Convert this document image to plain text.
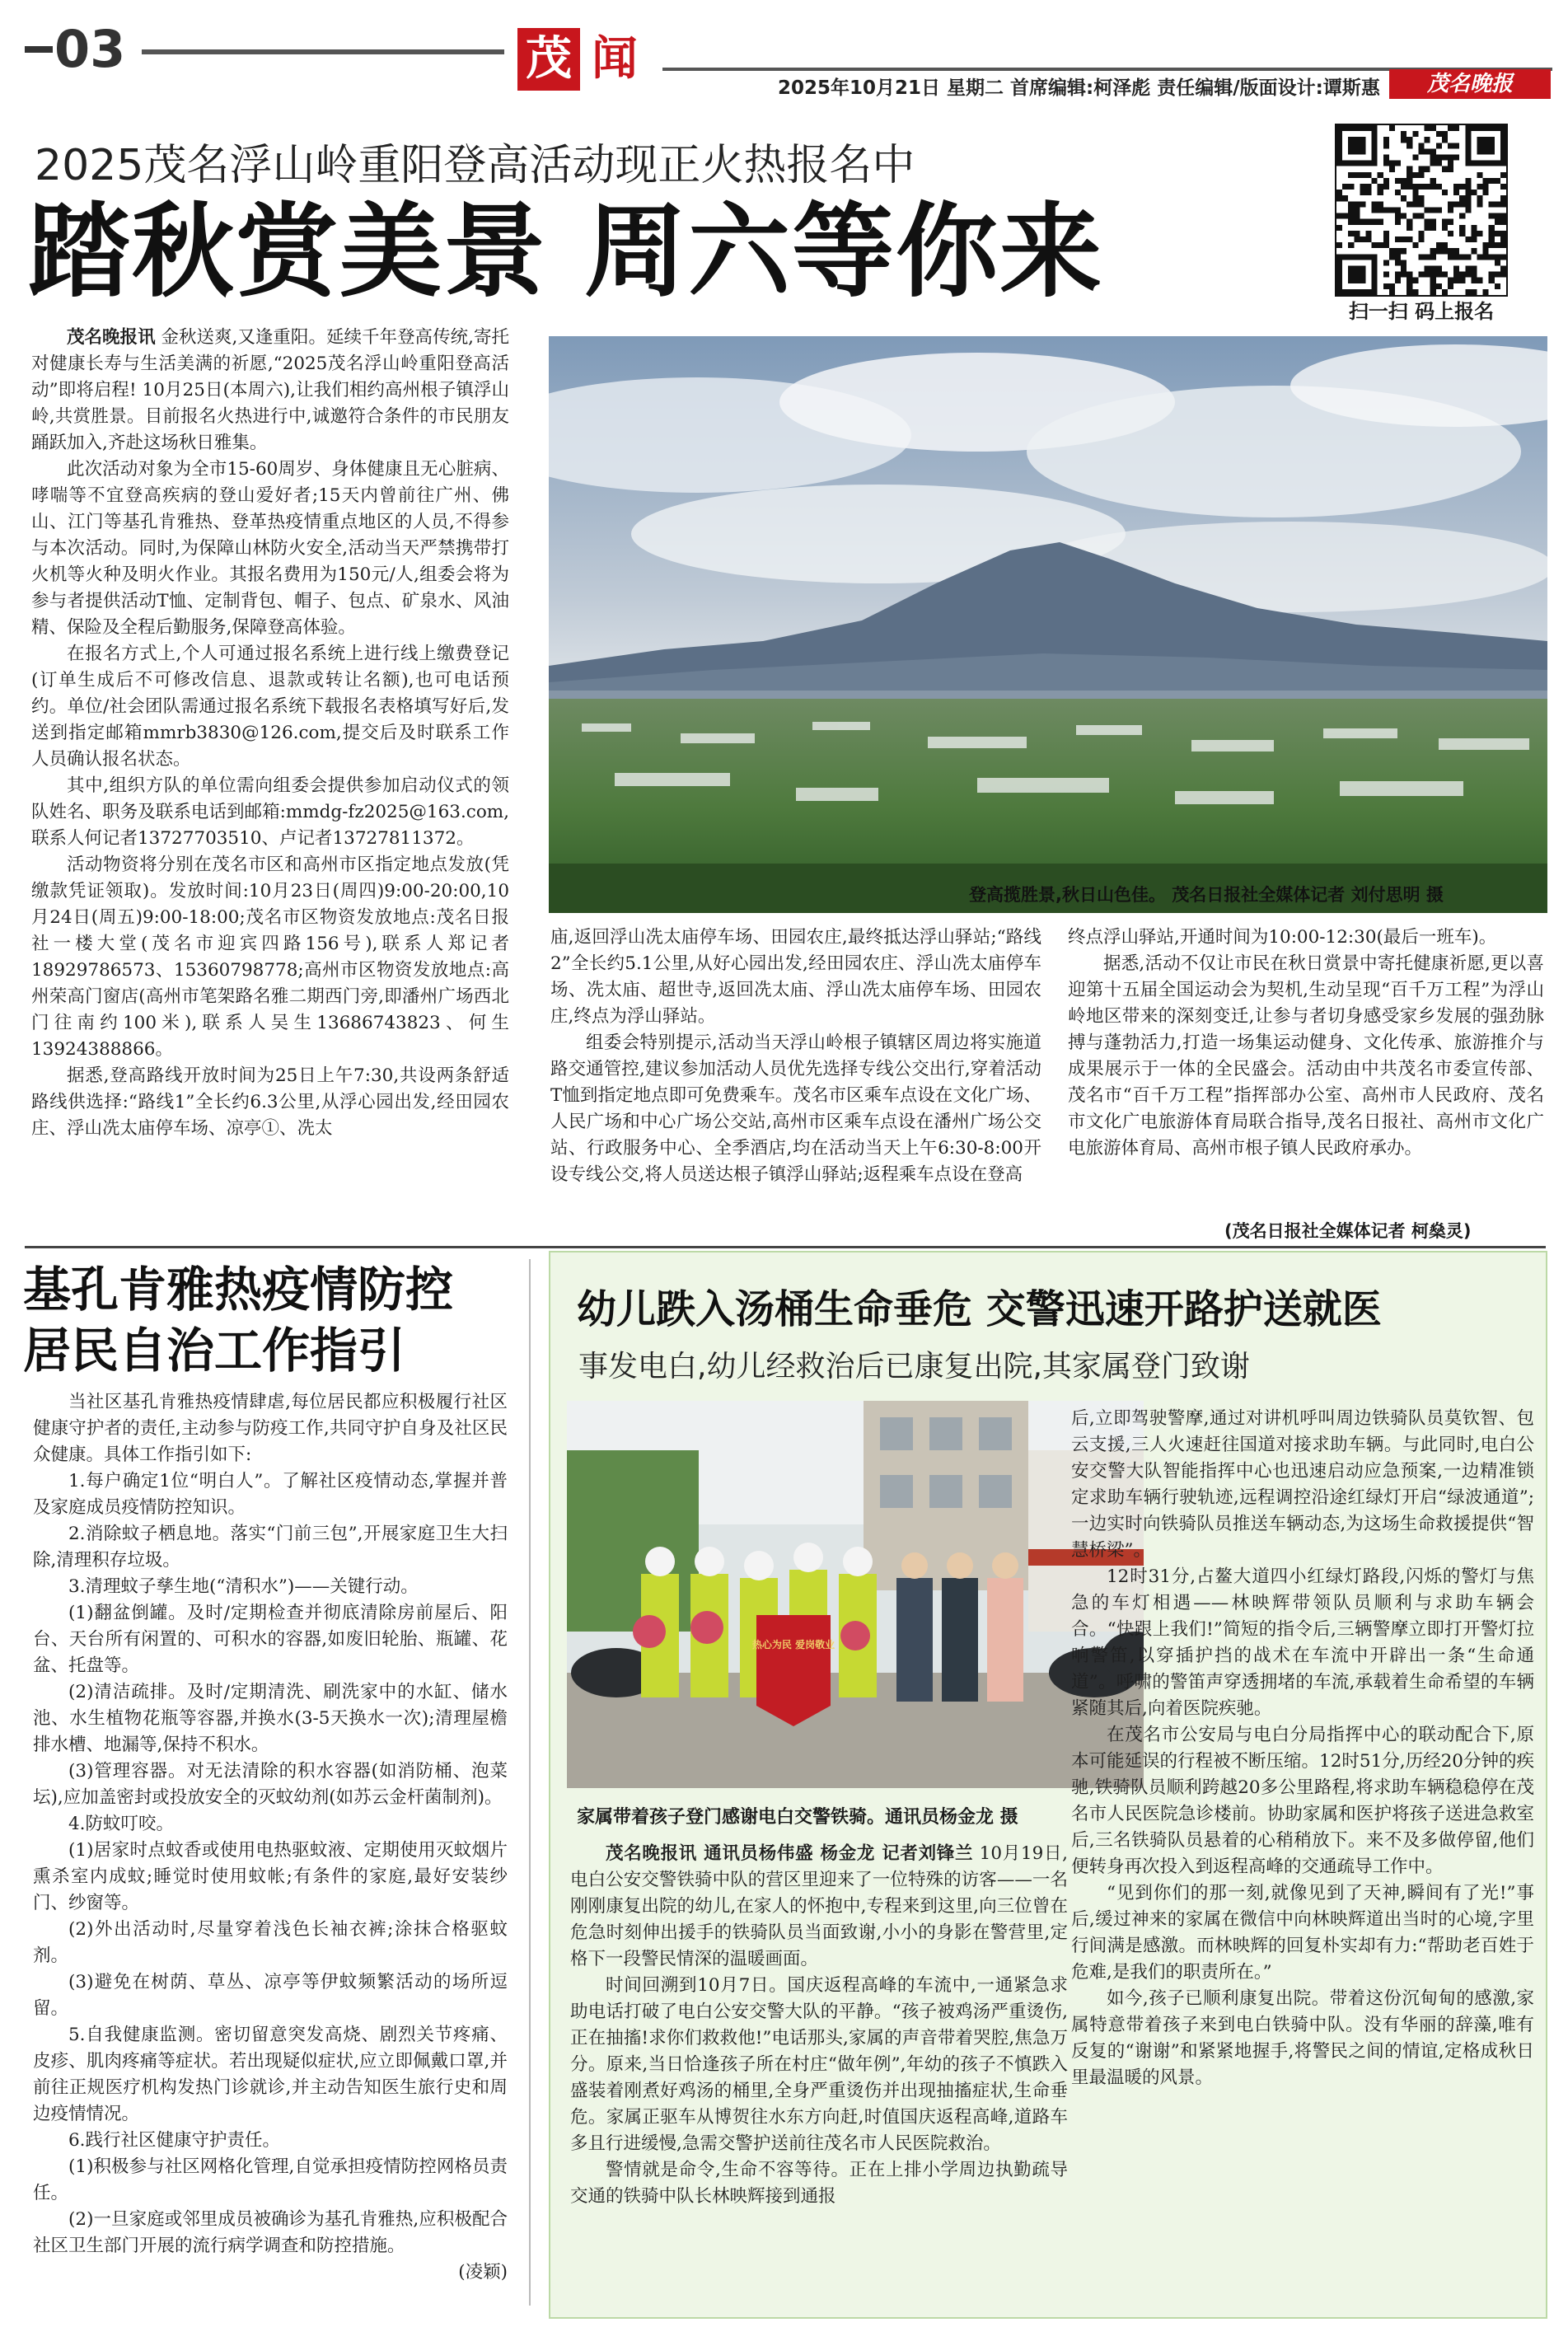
03	茂 闻
2025年10月21日 星期二 首席编辑:柯泽彪 责任编辑/版面设计:谭斯惠	茂名晚报
2025茂名浮山岭重阳登高活动现正火热报名中
踏秋赏美景 周六等你来	扫一扫 码上报名

茂名晚报讯 金秋送爽,又逢重阳。延续千年登高传统,寄托对健康长寿与生活美满的祈愿,“2025茂名浮山岭重阳登高活动”即将启程! 10月25日(本周六),让我们相约高州根子镇浮山岭,共赏胜景。目前报名火热进行中,诚邀符合条件的市民朋友踊跃加入,齐赴这场秋日雅集。

此次活动对象为全市15-60周岁、身体健康且无心脏病、哮喘等不宜登高疾病的登山爱好者;15天内曾前往广州、佛山、江门等基孔肯雅热、登革热疫情重点地区的人员,不得参与本次活动。同时,为保障山林防火安全,活动当天严禁携带打火机等火种及明火作业。其报名费用为150元/人,组委会将为参与者提供活动T恤、定制背包、帽子、包点、矿泉水、风油精、保险及全程后勤服务,保障登高体验。

在报名方式上,个人可通过报名系统上进行线上缴费登记(订单生成后不可修改信息、退款或转让名额),也可电话预约。单位/社会团队需通过报名系统下载报名表格填写好后,发送到指定邮箱mmrb3830@126.com,提交后及时联系工作人员确认报名状态。

其中,组织方队的单位需向组委会提供参加启动仪式的领队姓名、职务及联系电话到邮箱:mmdg-fz2025@163.com,联系人何记者13727703510、卢记者13727811372。

活动物资将分别在茂名市区和高州市区指定地点发放(凭缴款凭证领取)。发放时间:10月23日(周四)9:00-20:00,10月24日(周五)9:00-18:00;茂名市区物资发放地点:茂名日报社一楼大堂(茂名市迎宾四路156号),联系人郑记者18929786573、15360798778;高州市区物资发放地点:高州荣高门窗店(高州市笔架路名雅二期西门旁,即潘州广场西北门往南约100米),联系人吴生13686743823、何生13924388866。

据悉,登高路线开放时间为25日上午7:30,共设两条舒适路线供选择:“路线1”全长约6.3公里,从浮心园出发,经田园农庄、浮山冼太庙停车场、凉亭①、冼太

登高揽胜景,秋日山色佳。 茂名日报社全媒体记者 刘付思明 摄

庙,返回浮山冼太庙停车场、田园农庄,最终抵达浮山驿站;“路线2”全长约5.1公里,从好心园出发,经田园农庄、浮山冼太庙停车场、冼太庙、超世寺,返回冼太庙、浮山冼太庙停车场、田园农庄,终点为浮山驿站。

组委会特别提示,活动当天浮山岭根子镇辖区周边将实施道路交通管控,建议参加活动人员优先选择专线公交出行,穿着活动T恤到指定地点即可免费乘车。茂名市区乘车点设在文化广场、人民广场和中心广场公交站,高州市区乘车点设在潘州广场公交站、行政服务中心、全季酒店,均在活动当天上午6:30-8:00开设专线公交,将人员送达根子镇浮山驿站;返程乘车点设在登高

终点浮山驿站,开通时间为10:00-12:30(最后一班车)。

据悉,活动不仅让市民在秋日赏景中寄托健康祈愿,更以喜迎第十五届全国运动会为契机,生动呈现“百千万工程”为浮山岭地区带来的深刻变迁,让参与者切身感受家乡发展的强劲脉搏与蓬勃活力,打造一场集运动健身、文化传承、旅游推介与成果展示于一体的全民盛会。活动由中共茂名市委宣传部、茂名市“百千万工程”指挥部办公室、高州市人民政府、茂名市文化广电旅游体育局联合指导,茂名日报社、高州市文化广电旅游体育局、高州市根子镇人民政府承办。

(茂名日报社全媒体记者 柯燊灵)
基孔肯雅热疫情防控
居民自治工作指引

当社区基孔肯雅热疫情肆虐,每位居民都应积极履行社区健康守护者的责任,主动参与防疫工作,共同守护自身及社区民众健康。具体工作指引如下:

1.每户确定1位“明白人”。了解社区疫情动态,掌握并普及家庭成员疫情防控知识。

2.消除蚊子栖息地。落实“门前三包”,开展家庭卫生大扫除,清理积存垃圾。

3.清理蚊子孳生地(“清积水”)——关键行动。

(1)翻盆倒罐。及时/定期检查并彻底清除房前屋后、阳台、天台所有闲置的、可积水的容器,如废旧轮胎、瓶罐、花盆、托盘等。

(2)清洁疏排。及时/定期清洗、刷洗家中的水缸、储水池、水生植物花瓶等容器,并换水(3-5天换水一次);清理屋檐排水槽、地漏等,保持不积水。

(3)管理容器。对无法清除的积水容器(如消防桶、泡菜坛),应加盖密封或投放安全的灭蚊幼剂(如苏云金杆菌制剂)。

4.防蚊叮咬。

(1)居家时点蚊香或使用电热驱蚊液、定期使用灭蚊烟片熏杀室内成蚊;睡觉时使用蚊帐;有条件的家庭,最好安装纱门、纱窗等。

(2)外出活动时,尽量穿着浅色长袖衣裤;涂抹合格驱蚊剂。

(3)避免在树荫、草丛、凉亭等伊蚊频繁活动的场所逗留。

5.自我健康监测。密切留意突发高烧、剧烈关节疼痛、皮疹、肌肉疼痛等症状。若出现疑似症状,应立即佩戴口罩,并前往正规医疗机构发热门诊就诊,并主动告知医生旅行史和周边疫情情况。

6.践行社区健康守护责任。

(1)积极参与社区网格化管理,自觉承担疫情防控网格员责任。

(2)一旦家庭或邻里成员被确诊为基孔肯雅热,应积极配合社区卫生部门开展的流行病学调查和防控措施。

(凌颖)
幼儿跌入汤桶生命垂危 交警迅速开路护送就医
事发电白,幼儿经救治后已康复出院,其家属登门致谢
热心为民 爱岗敬业
家属带着孩子登门感谢电白交警铁骑。通讯员杨金龙 摄

茂名晚报讯 通讯员杨伟盛 杨金龙 记者刘锋兰 10月19日,电白公安交警铁骑中队的营区里迎来了一位特殊的访客——一名刚刚康复出院的幼儿,在家人的怀抱中,专程来到这里,向三位曾在危急时刻伸出援手的铁骑队员当面致谢,小小的身影在警营里,定格下一段警民情深的温暖画面。

时间回溯到10月7日。国庆返程高峰的车流中,一通紧急求助电话打破了电白公安交警大队的平静。“孩子被鸡汤严重烫伤,正在抽搐!求你们救救他!”电话那头,家属的声音带着哭腔,焦急万分。原来,当日恰逢孩子所在村庄“做年例”,年幼的孩子不慎跌入盛装着刚煮好鸡汤的桶里,全身严重烫伤并出现抽搐症状,生命垂危。家属正驱车从博贺往水东方向赶,时值国庆返程高峰,道路车多且行进缓慢,急需交警护送前往茂名市人民医院救治。

警情就是命令,生命不容等待。正在上排小学周边执勤疏导交通的铁骑中队长林映辉接到通报

后,立即驾驶警摩,通过对讲机呼叫周边铁骑队员莫钦智、包云支援,三人火速赶往国道对接求助车辆。与此同时,电白公安交警大队智能指挥中心也迅速启动应急预案,一边精准锁定求助车辆行驶轨迹,远程调控沿途红绿灯开启“绿波通道”;一边实时向铁骑队员推送车辆动态,为这场生命救援提供“智慧桥梁”。

12时31分,占鳌大道四小红绿灯路段,闪烁的警灯与焦急的车灯相遇——林映辉带领队员顺利与求助车辆会合。“快跟上我们!”简短的指令后,三辆警摩立即打开警灯拉响警笛,以穿插护挡的战术在车流中开辟出一条“生命通道”。呼啸的警笛声穿透拥堵的车流,承载着生命希望的车辆紧随其后,向着医院疾驰。

在茂名市公安局与电白分局指挥中心的联动配合下,原本可能延误的行程被不断压缩。12时51分,历经20分钟的疾驰,铁骑队员顺利跨越20多公里路程,将求助车辆稳稳停在茂名市人民医院急诊楼前。协助家属和医护将孩子送进急救室后,三名铁骑队员悬着的心稍稍放下。来不及多做停留,他们便转身再次投入到返程高峰的交通疏导工作中。

“见到你们的那一刻,就像见到了天神,瞬间有了光!”事后,缓过神来的家属在微信中向林映辉道出当时的心境,字里行间满是感激。而林映辉的回复朴实却有力:“帮助老百姓于危难,是我们的职责所在。”

如今,孩子已顺利康复出院。带着这份沉甸甸的感激,家属特意带着孩子来到电白铁骑中队。没有华丽的辞藻,唯有反复的“谢谢”和紧紧地握手,将警民之间的情谊,定格成秋日里最温暖的风景。
